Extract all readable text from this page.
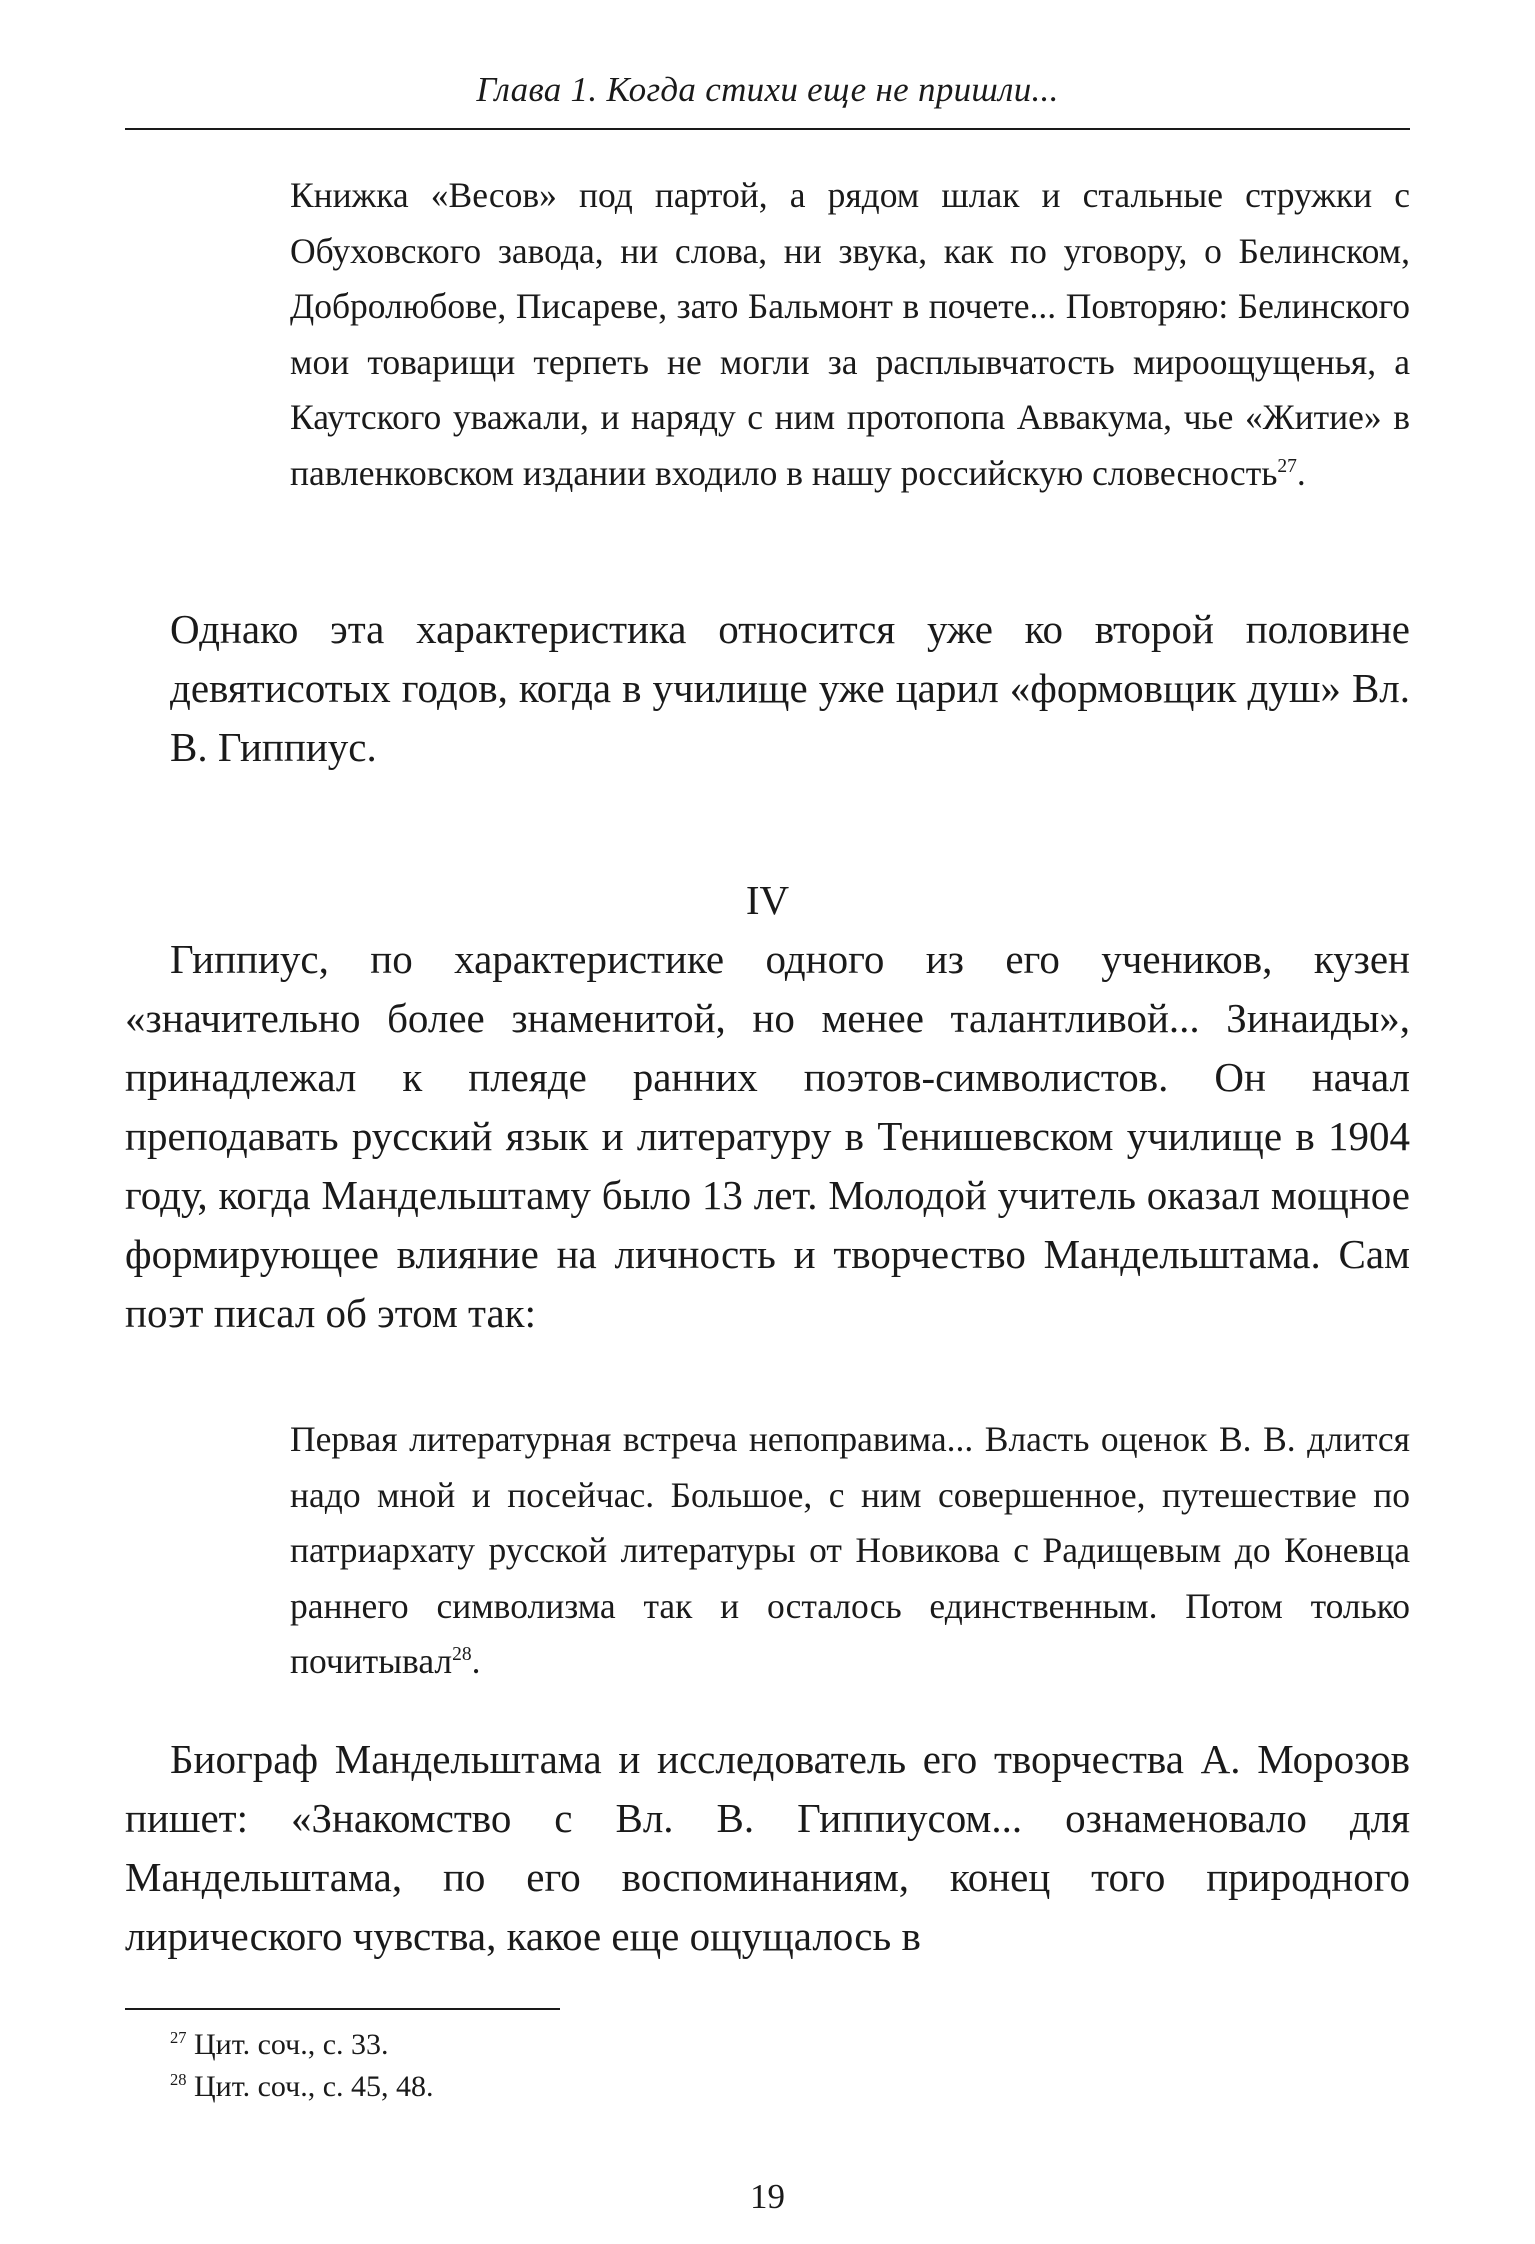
Глава 1. Когда стихи еще не пришли...
Книжка «Весов» под партой, а рядом шлак и стальные стружки с Обуховского завода, ни слова, ни звука, как по уговору, о Белинском, Добролюбове, Писареве, зато Бальмонт в почете... Повторяю: Белинского мои товарищи терпеть не могли за расплывчатость мироощущенья, а Каутского уважали, и наряду с ним протопопа Аввакума, чье «Житие» в павленковском издании входило в нашу российскую словесность$^{27}$.
Однако эта характеристика относится уже ко второй половине девятисотых годов, когда в училище уже царил «формовщик душ» Вл. В. Гиппиус.
IV
Гиппиус, по характеристике одного из его учеников, кузен «значительно более знаменитой, но менее талантливой... Зинаиды», принадлежал к плеяде ранних поэтов-символистов. Он начал преподавать русский язык и литературу в Тенишевском училище в 1904 году, когда Мандельштаму было 13 лет. Молодой учитель оказал мощное формирующее влияние на личность и творчество Мандельштама. Сам поэт писал об этом так:
Первая литературная встреча непоправима... Власть оценок В. В. длится надо мной и посейчас. Большое, с ним совершенное, путешествие по патриархату русской литературы от Новикова с Радищевым до Коневца раннего символизма так и осталось единственным. Потом только почитывал$^{28}$.
Биограф Мандельштама и исследователь его творчества А. Морозов пишет: «Знакомство с Вл. В. Гиппиусом... ознаменовало для Мандельштама, по его воспоминаниям, конец того природного лирического чувства, какое еще ощущалось в
$^{27}$ Цит. соч., с. 33.
$^{28}$ Цит. соч., с. 45, 48.
19
